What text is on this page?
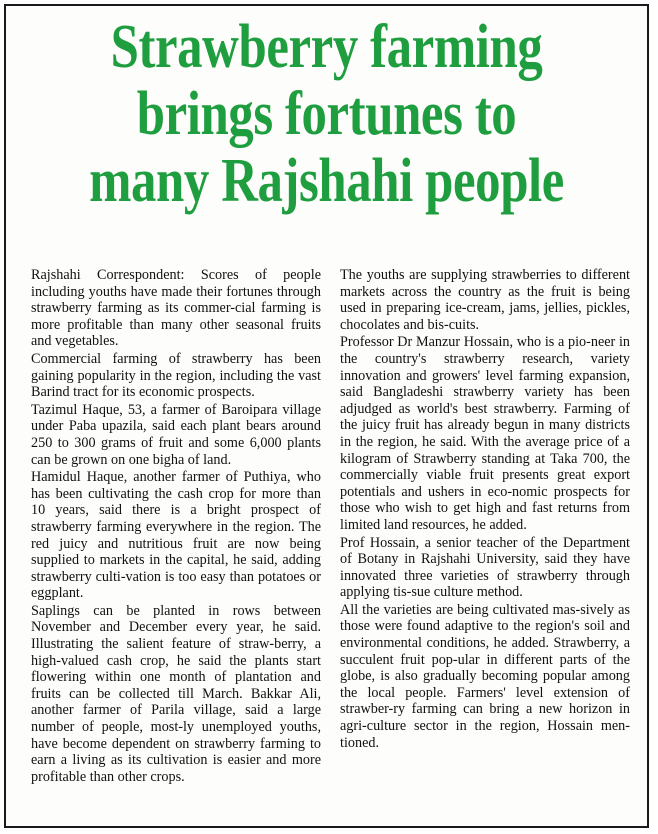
Strawberry farming
brings fortunes to
many Rajshahi people

Rajshahi Correspondent: Scores of people including youths have made their fortunes through strawberry farming as its commer-cial farming is more profitable than many other seasonal fruits and vegetables.

Commercial farming of strawberry has been gaining popularity in the region, including the vast Barind tract for its economic prospects.

Tazimul Haque, 53, a farmer of Baroipara village under Paba upazila, said each plant bears around 250 to 300 grams of fruit and some 6,000 plants can be grown on one bigha of land.

Hamidul Haque, another farmer of Puthiya, who has been cultivating the cash crop for more than 10 years, said there is a bright prospect of strawberry farming everywhere in the region. The red juicy and nutritious fruit are now being supplied to markets in the capital, he said, adding strawberry culti-vation is too easy than potatoes or eggplant.

Saplings can be planted in rows between November and December every year, he said. Illustrating the salient feature of straw-berry, a high-valued cash crop, he said the plants start flowering within one month of plantation and fruits can be collected till March. Bakkar Ali, another farmer of Parila village, said a large number of people, most-ly unemployed youths, have become dependent on strawberry farming to earn a living as its cultivation is easier and more profitable than other crops.

The youths are supplying strawberries to different markets across the country as the fruit is being used in preparing ice-cream, jams, jellies, pickles, chocolates and bis-cuits.

Professor Dr Manzur Hossain, who is a pio-neer in the country's strawberry research, variety innovation and growers' level farming expansion, said Bangladeshi strawberry variety has been adjudged as world's best strawberry. Farming of the juicy fruit has already begun in many districts in the region, he said. With the average price of a kilogram of Strawberry standing at Taka 700, the commercially viable fruit presents great export potentials and ushers in eco-nomic prospects for those who wish to get high and fast returns from limited land resources, he added.

Prof Hossain, a senior teacher of the Department of Botany in Rajshahi University, said they have innovated three varieties of strawberry through applying tis-sue culture method.

All the varieties are being cultivated mas-sively as those were found adaptive to the region's soil and environmental conditions, he added. Strawberry, a succulent fruit pop-ular in different parts of the globe, is also gradually becoming popular among the local people. Farmers' level extension of strawber-ry farming can bring a new horizon in agri-culture sector in the region, Hossain men-tioned.
